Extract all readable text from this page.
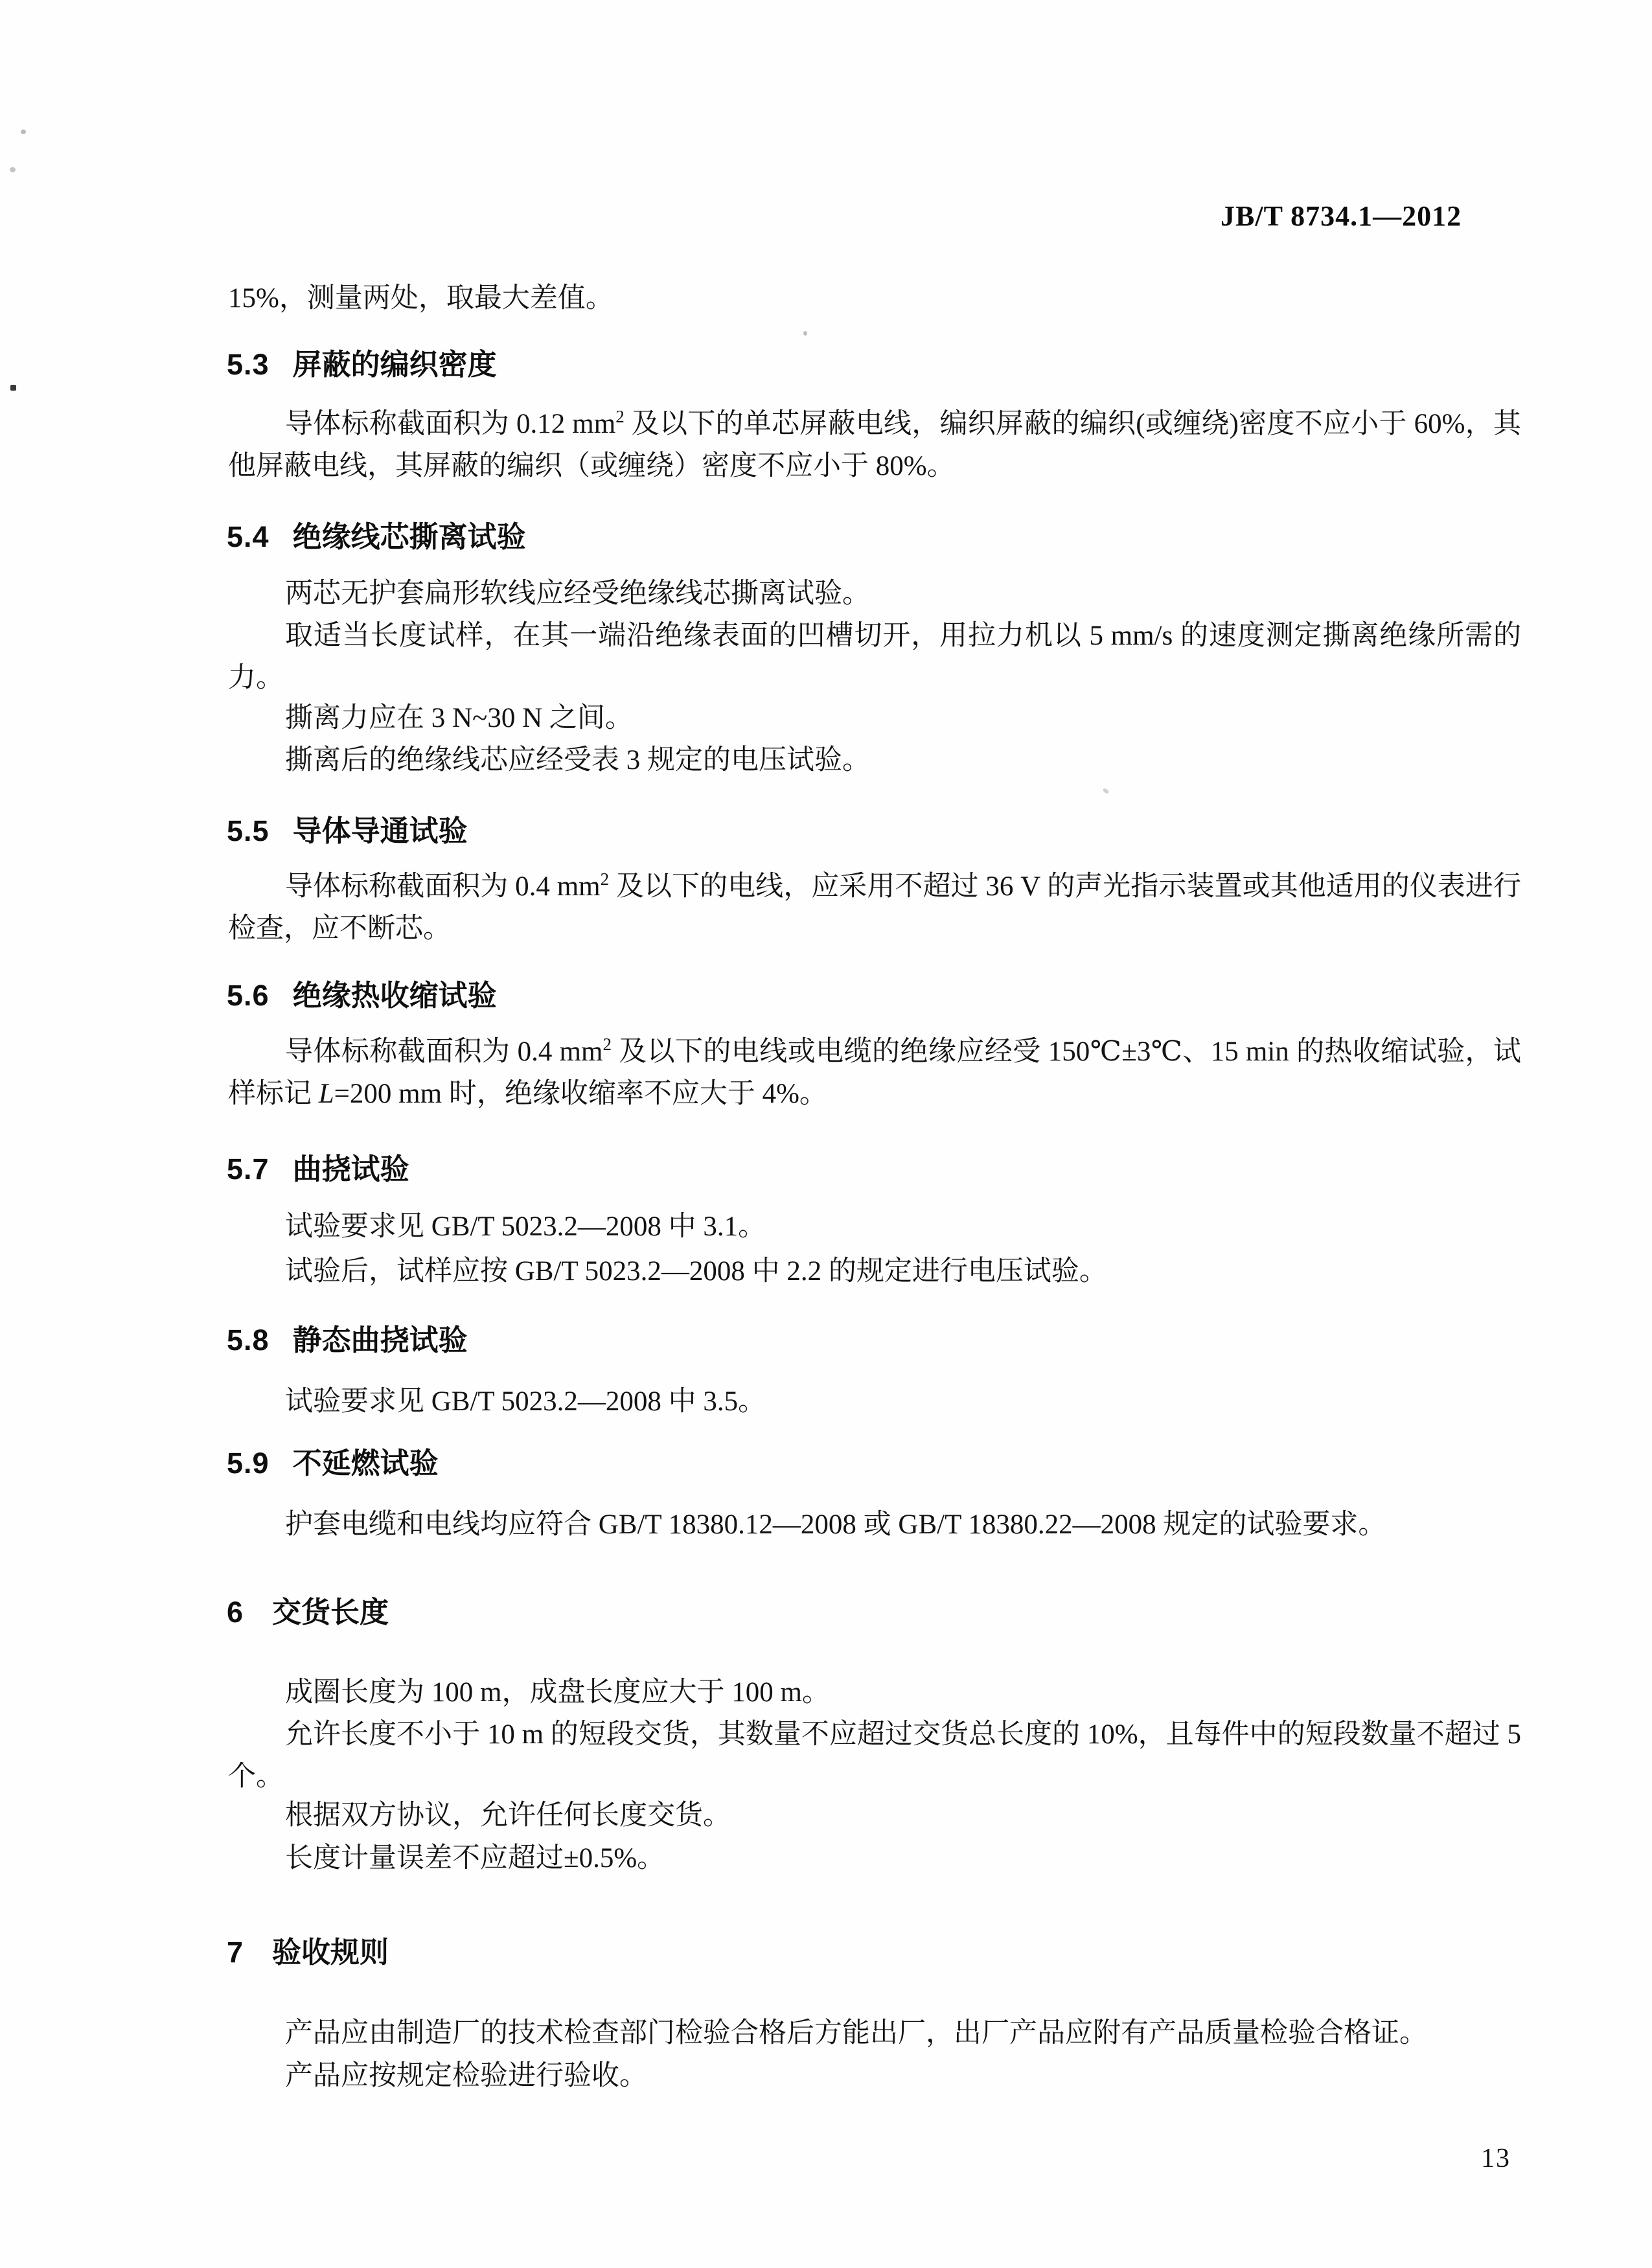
JB/T 8734.1—2012
15%，测量两处，取最大差值。
5.3 屏蔽的编织密度
导体标称截面积为 0.12 $mm^2$ 及以下的单芯屏蔽电线，编织屏蔽的编织(或缠绕)密度不应小于 60%，其他屏蔽电线，其屏蔽的编织（或缠绕）密度不应小于 80%。
5.4 绝缘线芯撕离试验
两芯无护套扁形软线应经受绝缘线芯撕离试验。
取适当长度试样，在其一端沿绝缘表面的凹槽切开，用拉力机以 5 mm/s 的速度测定撕离绝缘所需的力。
撕离力应在 3 N~30 N 之间。
撕离后的绝缘线芯应经受表 3 规定的电压试验。
5.5 导体导通试验
导体标称截面积为 0.4 $mm^2$ 及以下的电线，应采用不超过 36 V 的声光指示装置或其他适用的仪表进行检查，应不断芯。
5.6 绝缘热收缩试验
导体标称截面积为 0.4 $mm^2$ 及以下的电线或电缆的绝缘应经受 150℃±3℃、15 min 的热收缩试验，试样标记 L=200 mm 时，绝缘收缩率不应大于 4%。
5.7 曲挠试验
试验要求见 GB/T 5023.2—2008 中 3.1。
试验后，试样应按 GB/T 5023.2—2008 中 2.2 的规定进行电压试验。
5.8 静态曲挠试验
试验要求见 GB/T 5023.2—2008 中 3.5。
5.9 不延燃试验
护套电缆和电线均应符合 GB/T 18380.12—2008 或 GB/T 18380.22—2008 规定的试验要求。
6 交货长度
成圈长度为 100 m，成盘长度应大于 100 m。
允许长度不小于 10 m 的短段交货，其数量不应超过交货总长度的 10%，且每件中的短段数量不超过 5 个。
根据双方协议，允许任何长度交货。
长度计量误差不应超过±0.5%。
7 验收规则
产品应由制造厂的技术检查部门检验合格后方能出厂，出厂产品应附有产品质量检验合格证。
产品应按规定检验进行验收。
13
